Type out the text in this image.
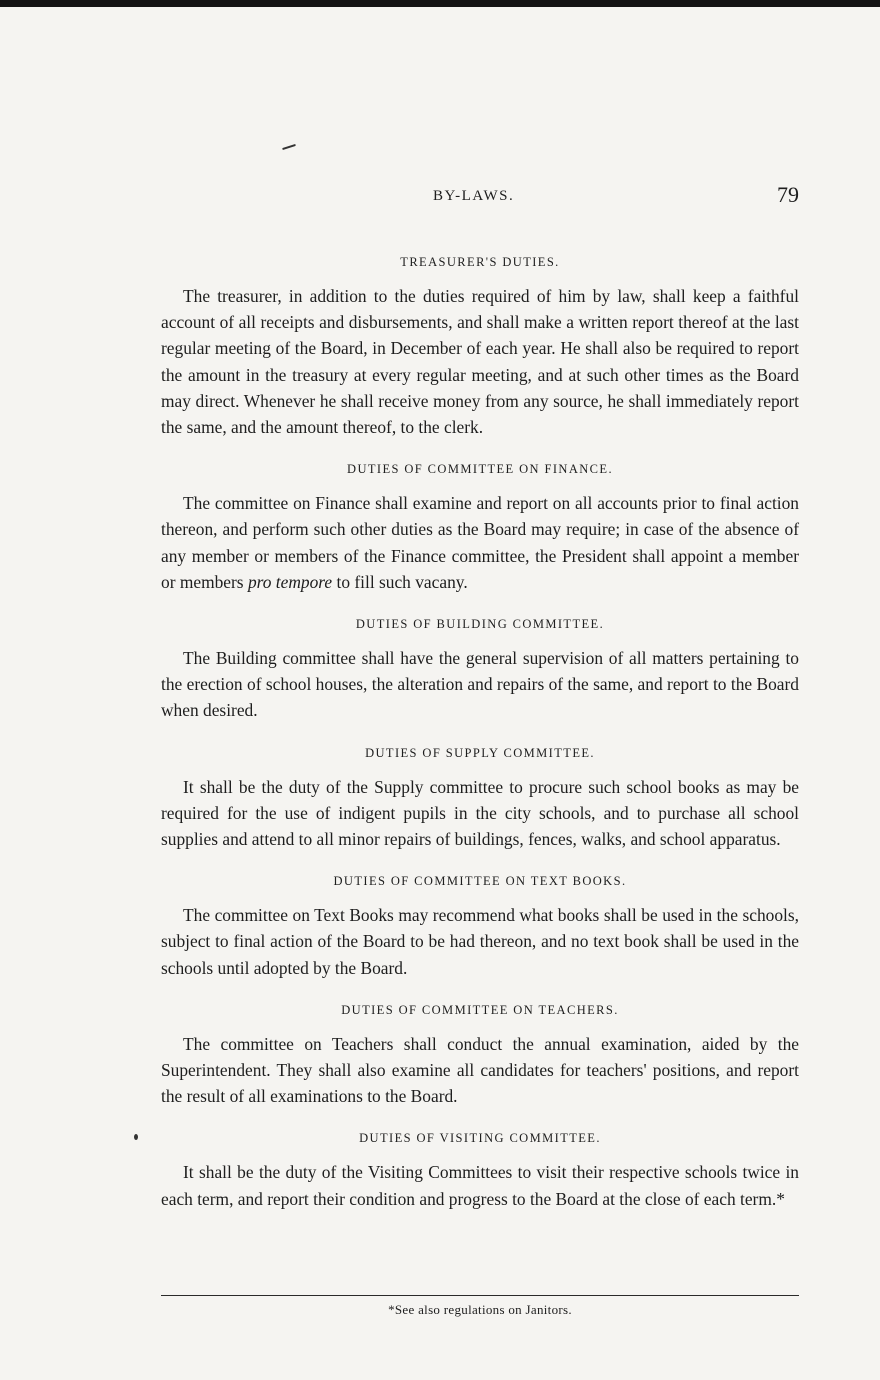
BY-LAWS.	79
TREASURER'S DUTIES.

The treasurer, in addition to the duties required of him by law, shall keep a faithful account of all receipts and disbursements, and shall make a written report thereof at the last regular meeting of the Board, in December of each year. He shall also be required to report the amount in the treasury at every regular meeting, and at such other times as the Board may direct. Whenever he shall receive money from any source, he shall immediately report the same, and the amount thereof, to the clerk.

DUTIES OF COMMITTEE ON FINANCE.

The committee on Finance shall examine and report on all accounts prior to final action thereon, and perform such other duties as the Board may require; in case of the absence of any member or members of the Finance committee, the President shall appoint a member or members pro tempore to fill such vacany.

DUTIES OF BUILDING COMMITTEE.

The Building committee shall have the general supervision of all matters pertaining to the erection of school houses, the alteration and repairs of the same, and report to the Board when desired.

DUTIES OF SUPPLY COMMITTEE.

It shall be the duty of the Supply committee to procure such school books as may be required for the use of indigent pupils in the city schools, and to purchase all school supplies and attend to all minor repairs of buildings, fences, walks, and school apparatus.

DUTIES OF COMMITTEE ON TEXT BOOKS.

The committee on Text Books may recommend what books shall be used in the schools, subject to final action of the Board to be had thereon, and no text book shall be used in the schools until adopted by the Board.

DUTIES OF COMMITTEE ON TEACHERS.

The committee on Teachers shall conduct the annual examination, aided by the Superintendent. They shall also examine all candidates for teachers' positions, and report the result of all examinations to the Board.

DUTIES OF VISITING COMMITTEE.

It shall be the duty of the Visiting Committees to visit their respective schools twice in each term, and report their condition and progress to the Board at the close of each term.*

*See also regulations on Janitors.
